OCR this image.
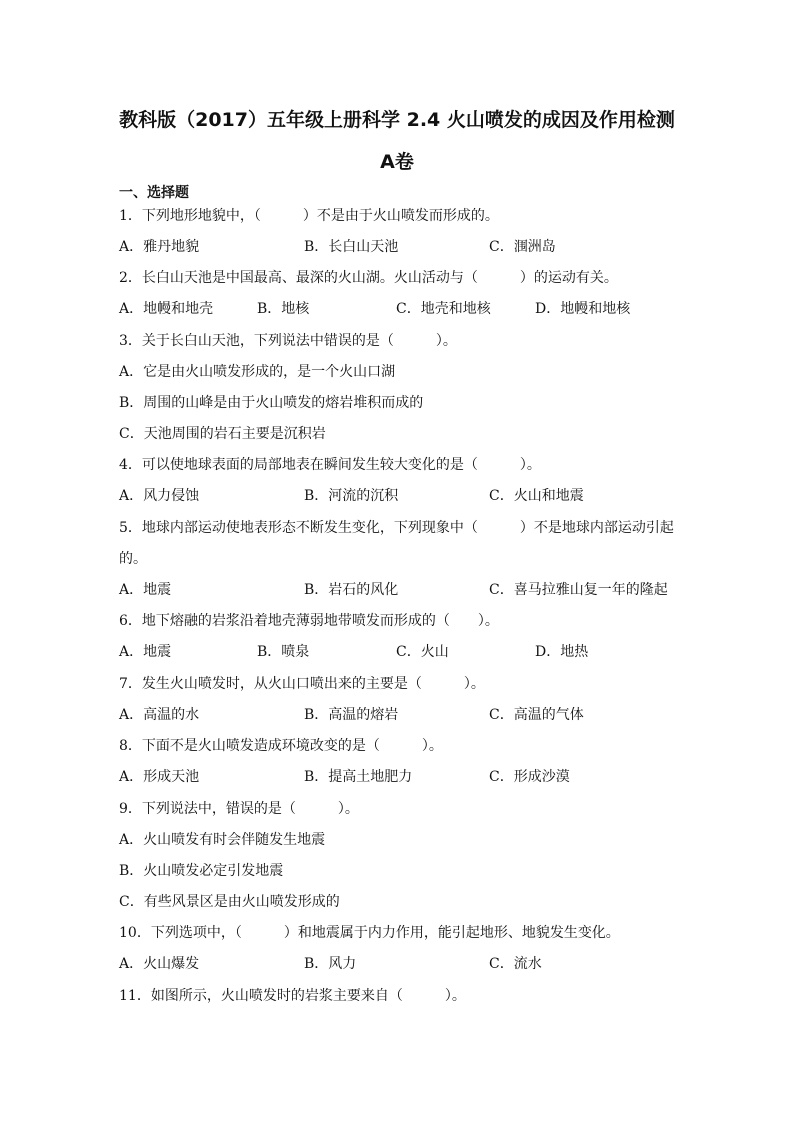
教科版（2017）五年级上册科学 2.4 火山喷发的成因及作用检测
A卷
一、选择题
1．下列地形地貌中，（　　　）不是由于火山喷发而形成的。
A．雅丹地貌	B．长白山天池	C．涠洲岛
2．长白山天池是中国最高、最深的火山湖。火山活动与（　　　）的运动有关。
A．地幔和地壳	B．地核	C．地壳和地核	D．地幔和地核
3．关于长白山天池，下列说法中错误的是（　　　）。
A．它是由火山喷发形成的，是一个火山口湖
B．周围的山峰是由于火山喷发的熔岩堆积而成的
C．天池周围的岩石主要是沉积岩
4．可以使地球表面的局部地表在瞬间发生较大变化的是（　　　）。
A．风力侵蚀	B．河流的沉积	C．火山和地震
5．地球内部运动使地表形态不断发生变化，下列现象中（　　　）不是地球内部运动引起
的。
A．地震	B．岩石的风化	C．喜马拉雅山复一年的隆起
6．地下熔融的岩浆沿着地壳薄弱地带喷发而形成的（　　）。
A．地震	B．喷泉	C．火山	D．地热
7．发生火山喷发时，从火山口喷出来的主要是（　　　）。
A．高温的水	B．高温的熔岩	C．高温的气体
8．下面不是火山喷发造成环境改变的是（　　　）。
A．形成天池	B．提高土地肥力	C．形成沙漠
9．下列说法中，错误的是（　　　）。
A．火山喷发有时会伴随发生地震
B．火山喷发必定引发地震
C．有些风景区是由火山喷发形成的
10．下列选项中，（　　　）和地震属于内力作用，能引起地形、地貌发生变化。
A．火山爆发	B．风力	C．流水
11．如图所示，火山喷发时的岩浆主要来自（　　　）。
